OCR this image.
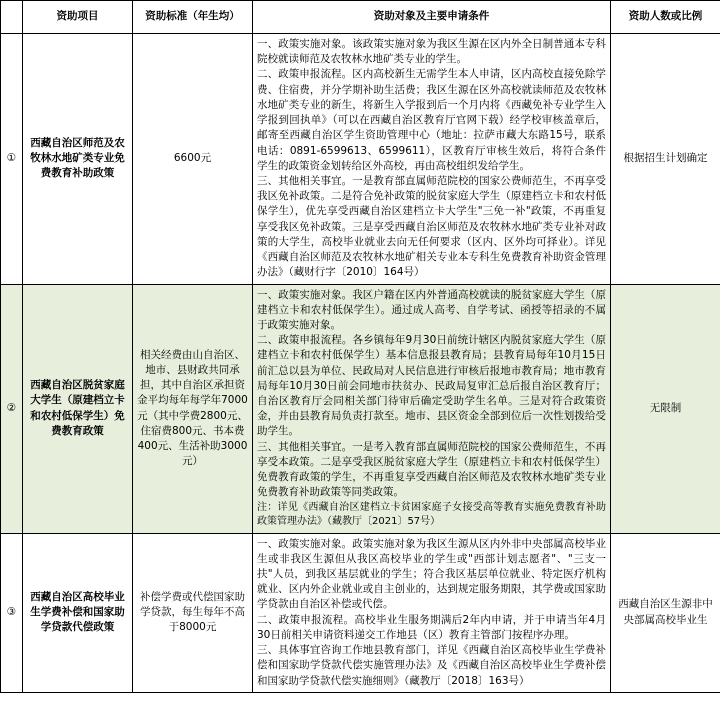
	资助项目	资助标准（年生均）	资助对象及主要申请条件	资助人数或比例
①	西藏自治区师范及农牧林水地矿类专业免费教育补助政策	6600元	一、政策实施对象。该政策实施对象为我区生源在区内外全日制普通本专科院校就读师范及农牧林水地矿类专业的学生。

二、政策申报流程。区内高校新生无需学生本人申请，区内高校直接免除学费、住宿费，并分学期补助生活费；我区生源在区外高校就读师范及农牧林水地矿类专业的新生，将新生入学报到后一个月内将《西藏免补专业学生入学报到回执单》（可以在西藏自治区教育厅官网下载）经学校审核盖章后，邮寄至西藏自治区学生资助管理中心（地址：拉萨市藏大东路15号，联系电话：0891-6599613、6599611），区教育厅审核生效后，将符合条件学生的政策资金划转给区外高校，再由高校组织发给学生。

三、其他相关事宜。一是教育部直属师范院校的国家公费师范生，不再享受我区免补政策。二是符合免补政策的脱贫家庭大学生（原建档立卡和农村低保学生），优先享受西藏自治区建档立卡大学生"三免一补"政策，不再重复享受我区免补政策。三是享受西藏自治区师范及农牧林水地矿类专业补对政策的大学生，高校毕业就业去向无任何要求（区内、区外均可择业）。详见《西藏自治区师范及农牧林水地矿相关专业本专科生免费教育补助资金管理办法》（藏财行字〔2010〕164号）	根据招生计划确定
②	西藏自治区脱贫家庭大学生（原建档立卡和农村低保学生）免费教育政策	相关经费由山自治区、地市、县财政共同承担，其中自治区承担资金平均每年每学年7000元（其中学费2800元、住宿费800元、书本费400元、生活补助3000元）	一、政策实施对象。我区户籍在区内外普通高校就读的脱贫家庭大学生（原建档立卡和农村低保学生）。通过成人高考、自学考试、函授等招录的不属于政策实施对象。

二、政策申报流程。各乡镇每年9月30日前统计辖区内脱贫家庭大学生（原建档立卡和农村低保学生）基本信息报县教育局；县教育局每年10月15日前汇总以县为单位、民政局对人民信息进行审核后报地市教育局；地市教育局每年10月30日前会同地市扶贫办、民政局复审汇总后报自治区教育厅；自治区教育厅会同相关部门待审后确定受助学生名单。三是对符合政策资金，并由县教育局负责打款至。地市、县区资金全部到位后一次性划拨给受助学生。

三、其他相关事宜。一是考入教育部直属师范院校的国家公费师范生，不再享受本政策。二是享受我区脱贫家庭大学生（原建档立卡和农村低保学生）免费教育政策的学生，不再重复享受西藏自治区师范及农牧林水地矿类专业免费教育补助政策等同类政策。

注：详见《西藏自治区建档立卡贫困家庭子女接受高等教育实施免费教育补助政策管理办法》（藏教厅〔2021〕57号）	无限制
③	西藏自治区高校毕业生学费补偿和国家助学贷款代偿政策	补偿学费或代偿国家助学贷款，每生每年不高于8000元	一、政策实施对象。政策实施对象为我区生源从区内外非中央部属高校毕业生或非我区生源但从我区高校毕业的学生或"西部计划志愿者"、"三支一扶"人员，到我区基层就业的学生；符合我区基层单位就业、特定医疗机构就业、区内外企业就业或自主创业的，达到规定服务期限，其学费或国家助学贷款由自治区补偿或代偿。

二、政策申报流程。高校毕业生服务期满后2年内申请，并于申请当年4月30日前相关申请资料递交工作地县（区）教育主管部门按程序办理。

三、具体事宜咨询工作地县教育部门，详见《西藏自治区高校毕业生学费补偿和国家助学贷款代偿实施管理办法》及《西藏自治区高校毕业生学费补偿和国家助学贷款代偿实施细则》（藏教厅〔2018〕163号）	西藏自治区生源非中央部属高校毕业生
